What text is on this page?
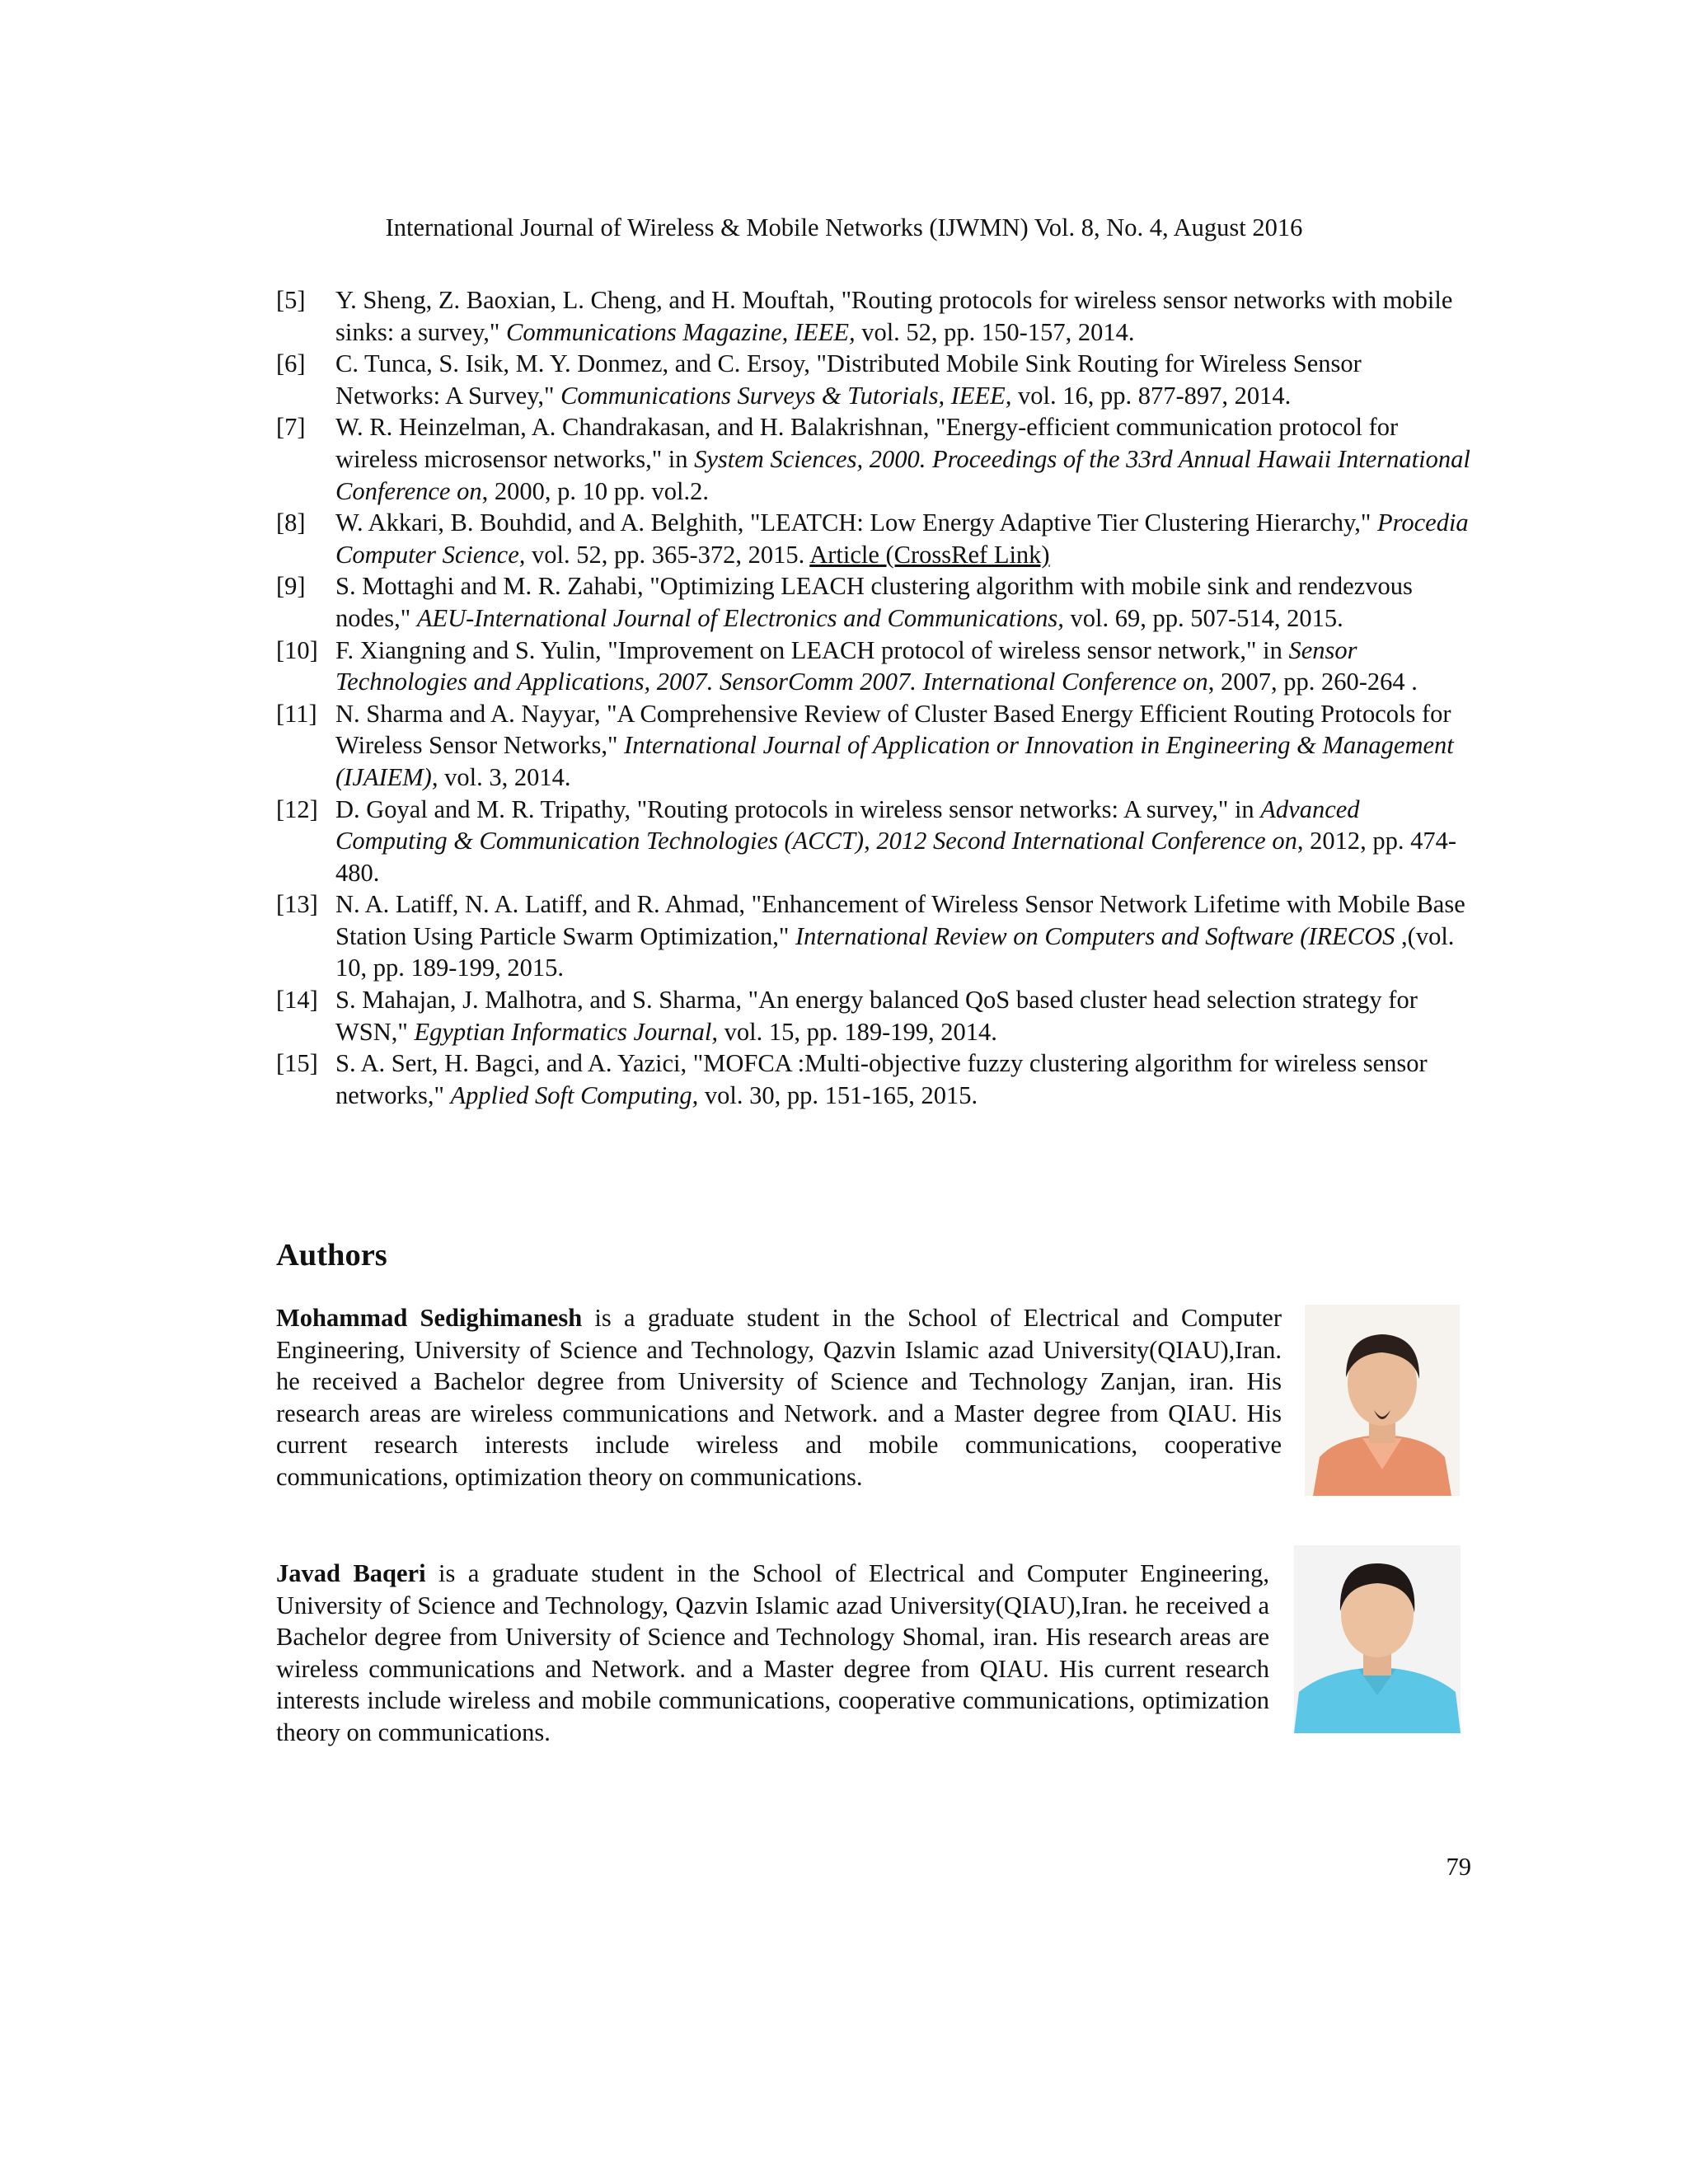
International Journal of Wireless & Mobile Networks (IJWMN) Vol. 8, No. 4, August 2016
[5]	Y. Sheng, Z. Baoxian, L. Cheng, and H. Mouftah, "Routing protocols for wireless sensor networks with mobile sinks: a survey," Communications Magazine, IEEE, vol. 52, pp. 150-157, 2014.
[6]	C. Tunca, S. Isik, M. Y. Donmez, and C. Ersoy, "Distributed Mobile Sink Routing for Wireless Sensor Networks: A Survey," Communications Surveys & Tutorials, IEEE, vol. 16, pp. 877-897, 2014.
[7]	W. R. Heinzelman, A. Chandrakasan, and H. Balakrishnan, "Energy-efficient communication protocol for wireless microsensor networks," in System Sciences, 2000. Proceedings of the 33rd Annual Hawaii International Conference on, 2000, p. 10 pp. vol.2.
[8]	W. Akkari, B. Bouhdid, and A. Belghith, "LEATCH: Low Energy Adaptive Tier Clustering Hierarchy," Procedia Computer Science, vol. 52, pp. 365-372, 2015. Article (CrossRef Link)
[9]	S. Mottaghi and M. R. Zahabi, "Optimizing LEACH clustering algorithm with mobile sink and rendezvous nodes," AEU-International Journal of Electronics and Communications, vol. 69, pp. 507-514, 2015.
[10] F. Xiangning and S. Yulin, "Improvement on LEACH protocol of wireless sensor network," in Sensor Technologies and Applications, 2007. SensorComm 2007. International Conference on, 2007, pp. 260-264 .
[11] N. Sharma and A. Nayyar, "A Comprehensive Review of Cluster Based Energy Efficient Routing Protocols for Wireless Sensor Networks," International Journal of Application or Innovation in Engineering & Management (IJAIEM), vol. 3, 2014.
[12] D. Goyal and M. R. Tripathy, "Routing protocols in wireless sensor networks: A survey," in Advanced Computing & Communication Technologies (ACCT), 2012 Second International Conference on, 2012, pp. 474-480.
[13] N. A. Latiff, N. A. Latiff, and R. Ahmad, "Enhancement of Wireless Sensor Network Lifetime with Mobile Base Station Using Particle Swarm Optimization," International Review on Computers and Software (IRECOS ,(vol. 10, pp. 189-199, 2015.
[14] S. Mahajan, J. Malhotra, and S. Sharma, "An energy balanced QoS based cluster head selection strategy for WSN," Egyptian Informatics Journal, vol. 15, pp. 189-199, 2014.
[15] S. A. Sert, H. Bagci, and A. Yazici, "MOFCA :Multi-objective fuzzy clustering algorithm for wireless sensor networks," Applied Soft Computing, vol. 30, pp. 151-165, 2015.
Authors
Mohammad Sedighimanesh is a graduate student in the School of Electrical and Computer Engineering, University of Science and Technology, Qazvin Islamic azad University(QIAU),Iran. he received a Bachelor degree from University of Science and Technology Zanjan, iran. His research areas are wireless communications and Network. and a Master degree from QIAU. His current research interests include wireless and mobile communications, cooperative communications, optimization theory on communications.
Javad Baqeri is a graduate student in the School of Electrical and Computer Engineering, University of Science and Technology, Qazvin Islamic azad University(QIAU),Iran. he received a Bachelor degree from University of Science and Technology Shomal, iran. His research areas are wireless communications and Network. and a Master degree from QIAU. His current research interests include wireless and mobile communications, cooperative communications, optimization theory on communications.
79
